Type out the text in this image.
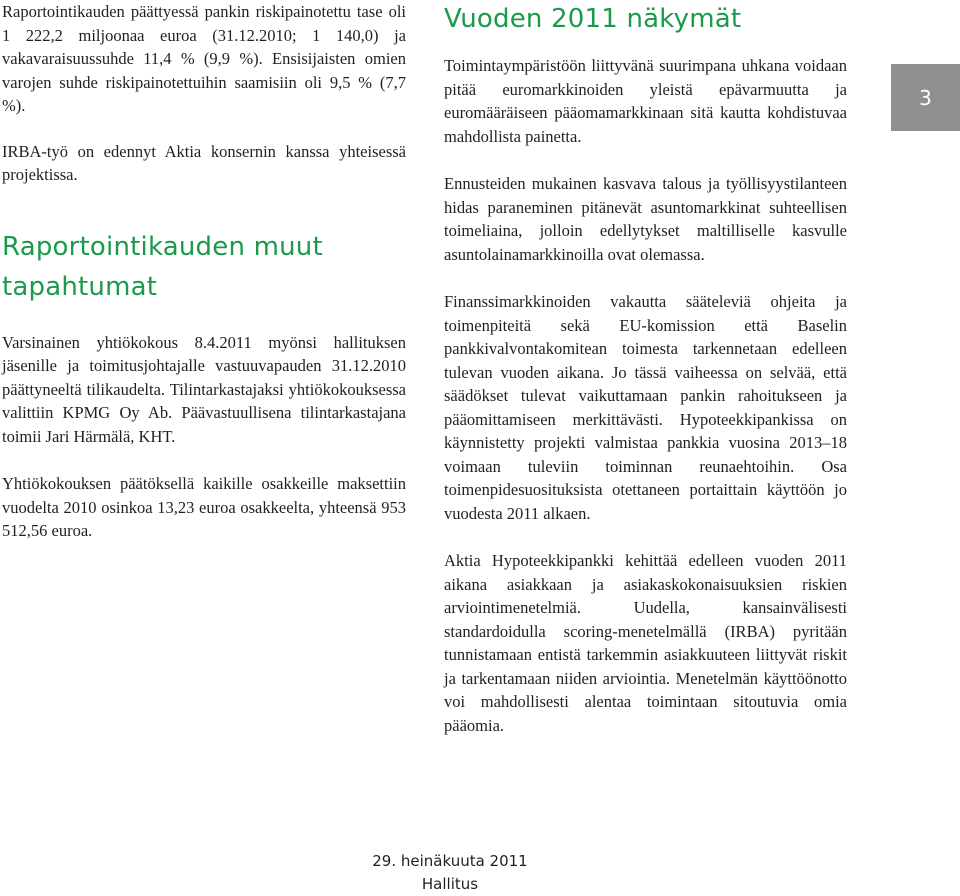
Raportointikauden päättyessä pankin riskipainotettu tase oli 1 222,2 miljoonaa euroa (31.12.2010; 1 140,0) ja vakavaraisuussuhde 11,4 % (9,9 %). Ensisijaisten omien varojen suhde riskipainotettuihin saamisiin oli 9,5 % (7,7 %).

IRBA-työ on edennyt Aktia konsernin kanssa yhteisessä projektissa.

Raportointikauden muut tapahtumat

Varsinainen yhtiökokous 8.4.2011 myönsi hallituksen jäsenille ja toimitusjohtajalle vastuuvapauden 31.12.2010 päättyneeltä tilikaudelta. Tilintarkastajaksi yhtiökokouksessa valittiin KPMG Oy Ab. Päävastuullisena tilintarkastajana toimii Jari Härmälä, KHT.

Yhtiökokouksen päätöksellä kaikille osakkeille maksettiin vuodelta 2010 osinkoa 13,23 euroa osakkeelta, yhteensä 953 512,56 euroa.

Vuoden 2011 näkymät

Toimintaympäristöön liittyvänä suurimpana uhkana voidaan pitää euromarkkinoiden yleistä epävarmuutta ja euromääräiseen pääomamarkkinaan sitä kautta kohdistuvaa mahdollista painetta.

Ennusteiden mukainen kasvava talous ja työllisyystilanteen hidas paraneminen pitänevät asuntomarkkinat suhteellisen toimeliaina, jolloin edellytykset maltilliselle kasvulle asuntolainamarkkinoilla ovat olemassa.

Finanssimarkkinoiden vakautta sääteleviä ohjeita ja toimenpiteitä sekä EU-komission että Baselin pankkivalvontakomitean toimesta tarkennetaan edelleen tulevan vuoden aikana. Jo tässä vaiheessa on selvää, että säädökset tulevat vaikuttamaan pankin rahoitukseen ja pääomittamiseen merkittävästi. Hypoteekkipankissa on käynnistetty projekti valmistaa pankkia vuosina 2013–18 voimaan tuleviin toiminnan reunaehtoihin. Osa toimenpidesuosituksista otettaneen portaittain käyttöön jo vuodesta 2011 alkaen.

Aktia Hypoteekkipankki kehittää edelleen vuoden 2011 aikana asiakkaan ja asiakaskokonaisuuksien riskien arviointimenetelmiä. Uudella, kansainvälisesti standardoidulla scoring-menetelmällä (IRBA) pyritään tunnistamaan entistä tarkemmin asiakkuuteen liittyvät riskit ja tarkentamaan niiden arviointia. Menetelmän käyttöönotto voi mahdollisesti alentaa toimintaan sitoutuvia omia pääomia.

3
29. heinäkuuta 2011
Hallitus
